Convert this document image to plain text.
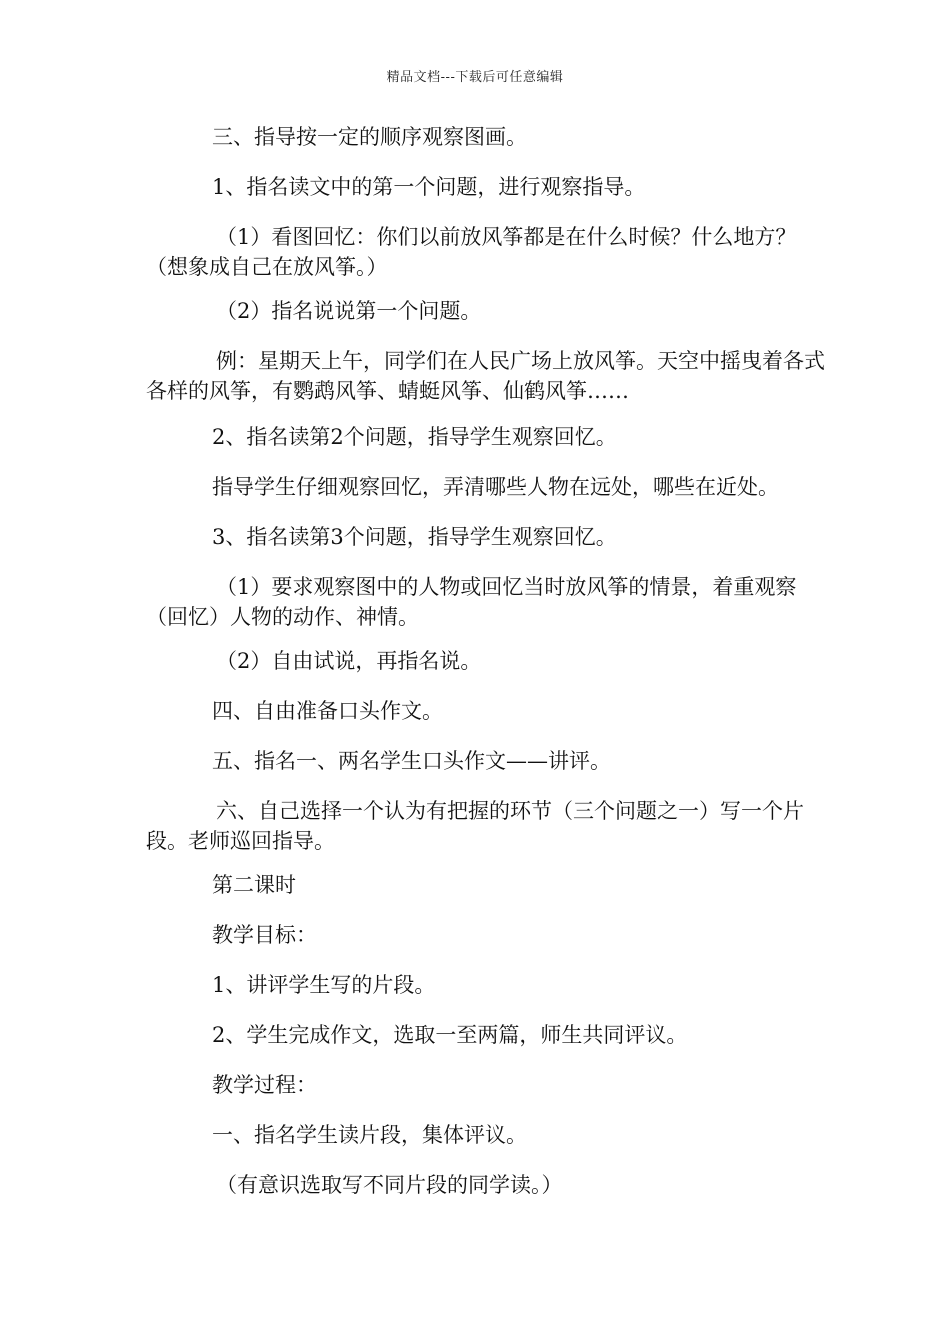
精品文档---下载后可任意编辑

三、指导按一定的顺序观察图画。

1、指名读文中的第一个问题，进行观察指导。

（1）看图回忆：你们以前放风筝都是在什么时候？什么地方？（想象成自己在放风筝。）

（2）指名说说第一个问题。

例：星期天上午，同学们在人民广场上放风筝。天空中摇曳着各式各样的风筝，有鹦鹉风筝、蜻蜓风筝、仙鹤风筝……

2、指名读第2个问题，指导学生观察回忆。

指导学生仔细观察回忆，弄清哪些人物在远处，哪些在近处。

3、指名读第3个问题，指导学生观察回忆。

（1）要求观察图中的人物或回忆当时放风筝的情景，着重观察（回忆）人物的动作、神情。

（2）自由试说，再指名说。

四、自由准备口头作文。

五、指名一、两名学生口头作文——讲评。

六、自己选择一个认为有把握的环节（三个问题之一）写一个片段。老师巡回指导。

第二课时

教学目标：

1、讲评学生写的片段。

2、学生完成作文，选取一至两篇，师生共同评议。

教学过程：

一、指名学生读片段，集体评议。

（有意识选取写不同片段的同学读。）
